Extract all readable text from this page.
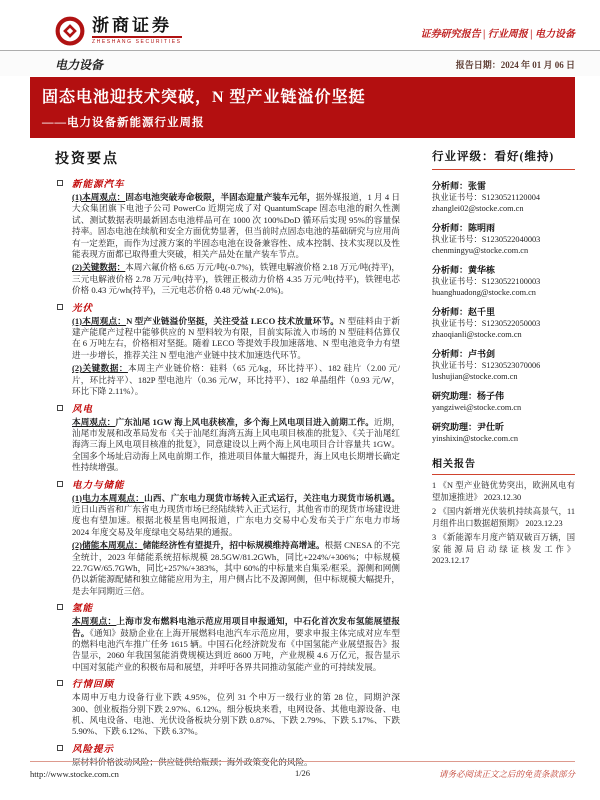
浙商证券
ZHESHANG SECURITIES
证券研究报告 | 行业周报 | 电力设备
电力设备	报告日期：2024 年 01 月 06 日
固态电池迎技术突破，N 型产业链溢价坚挺
——电力设备新能源行业周报
投资要点
新能源汽车
(1)本周观点：固态电池突破寿命极限，半固态迎量产装车元年，据外媒报道，1 月 4 日大众集团旗下电池子公司 PowerCo 近期完成了对 QuantumScape 固态电池的耐久性测试、测试数据表明最新固态电池样品可在 1000 次 100%DoD 循环后实现 95%的容量保持率。固态电池在续航和安全方面优势显著，但当前时点固态电池的基础研究与应用尚有一定差距，而作为过渡方案的半固态电池在设备兼容性、成本控制、技术实现以及性能表现方面都已取得重大突破，相关产品处在量产装车节点。
(2)关键数据：本周六氟价格 6.65 万元/吨(-0.7%)，铁锂电解液价格 2.18 万元/吨(持平)，三元电解液价格 2.78 万元/吨(持平)，铁锂正极动力价格 4.35 万元/吨(持平)，铁锂电芯价格 0.43 元/wh(持平)，三元电芯价格 0.48 元/wh(-2.0%)。
光伏
(1)本周观点：N 型产业链溢价坚挺，关注受益 LECO 技术放量环节。N 型硅料由于新建产能爬产过程中能够供应的 N 型料较为有限，目前实际流入市场的 N 型硅料估算仅在 6 万吨左右，价格相对坚挺。随着 LECO 等提效手段加速落地、N 型电池竞争力有望进一步增长，推荐关注 N 型电池产业链中技术加速迭代环节。
(2)关键数据：本周主产业链价格：硅料（65 元/kg，环比持平）、182 硅片（2.00 元/片，环比持平）、182P 型电池片（0.36 元/W，环比持平）、182 单晶组件（0.93 元/W，环比下降 2.11%）。
风电
本周观点：广东汕尾 1GW 海上风电获核准，多个海上风电项目进入前期工作。近期，汕尾市发展和改革局发布《关于汕尾红海湾五海上风电项目核准的批复》、《关于汕尾红海湾三海上风电项目核准的批复》，同意建设以上两个海上风电项目合计容量共 1GW。全国多个场址启动海上风电前期工作，推进项目体量大幅提升，海上风电长期增长确定性持续增强。
电力与储能
(1)电力本周观点：山西、广东电力现货市场转入正式运行，关注电力现货市场机遇。近日山西省和广东省电力现货市场已经陆续转入正式运行，其他省市的现货市场建设进度也有望加速。根据北极星售电网报道，广东电力交易中心发布关于广东电力市场 2024 年度交易及年度绿电交易结果的通报。
(2)储能本周观点：储能经济性有望提升，招中标规模维持高增速。根据 CNESA 的不完全统计，2023 年储能系统招标规模 28.5GW/81.2GWh，同比+224%/+306%；中标规模 22.7GW/65.7GWh，同比+257%/+383%，其中 60%的中标量来自集采/框采。源侧和网侧仍以新能源配储和独立储能应用为主，用户侧占比不及源网侧，但中标规模大幅提升，是去年同期近三倍。
氢能
本周观点：上海市发布燃料电池示范应用项目申报通知，中石化首次发布氢能展望报告。《通知》鼓励企业在上海开展燃料电池汽车示范应用，要求申报主体完成对应车型的燃料电池汽车推广任务 1615 辆。中国石化经济院发布《中国氢能产业展望报告》报告显示，2060 年我国氢能消费规模达到近 8600 万吨，产业规模 4.6 万亿元，报告显示中国对氢能产业的积极布局和展望，并呼吁各界共同推动氢能产业的可持续发展。
行情回顾
本周申万电力设备行业下跌 4.95%，位列 31 个申万一级行业的第 28 位，同期沪深 300、创业板指分别下跌 2.97%、6.12%。细分板块来看，电网设备、其他电源设备、电机、风电设备、电池、光伏设备板块分别下跌 0.87%、下跌 2.79%、下跌 5.17%、下跌 5.90%、下跌 6.12%、下跌 6.37%。
风险提示
原材料价格波动风险；供应链供给瓶颈；海外政策变化的风险。
行业评级：看好(维持)
分析师：张雷
执业证书号：S1230521120004
zhanglei02@stocke.com.cn
分析师：陈明雨
执业证书号：S1230522040003
chenmingyu@stocke.com.cn
分析师：黄华栋
执业证书号：S1230522100003
huanghuadong@stocke.com.cn
分析师：赵千里
执业证书号：S1230522050003
zhaoqianli@stocke.com.cn
分析师：卢书剑
执业证书号：S1230523070006
lushujian@stocke.com.cn
研究助理：杨子伟
yangziwei@stocke.com.cn
研究助理：尹仕昕
yinshixin@stocke.com.cn
相关报告
1 《N 型产业链优势突出，欧洲风电有望加速推进》 2023.12.30
2 《国内新增光伏装机持续高景气，11 月组件出口数据超预期》 2023.12.23
3 《新能源车月度产销双破百万辆，国家能源局启动绿证核发工作》 2023.12.17
http://www.stocke.com.cn	1/26	请务必阅读正文之后的免责条款部分
